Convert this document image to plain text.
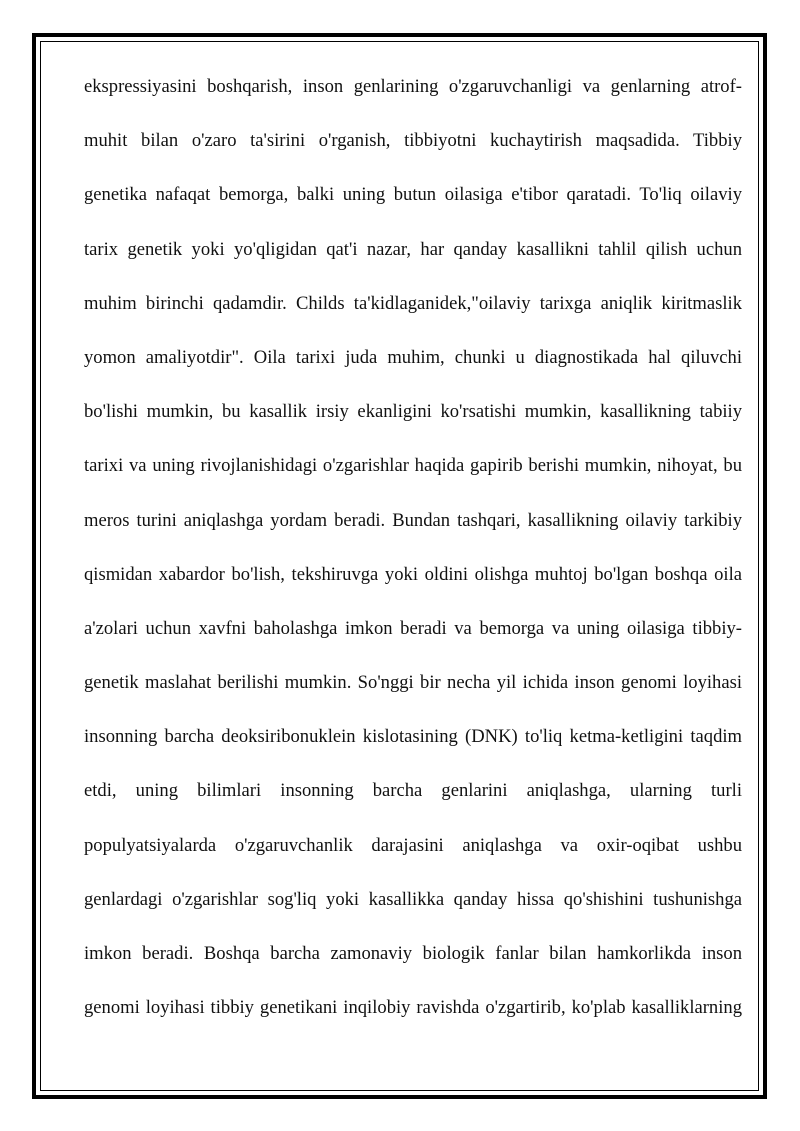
ekspressiyasini boshqarish, inson genlarining o'zgaruvchanligi va genlarning atrof-
muhit bilan o'zaro ta'sirini o'rganish, tibbiyotni kuchaytirish maqsadida. Tibbiy
genetika nafaqat bemorga, balki uning butun oilasiga e'tibor qaratadi. To'liq oilaviy
tarix genetik yoki yo'qligidan qat'i nazar, har qanday kasallikni tahlil qilish uchun
muhim birinchi qadamdir. Childs ta'kidlaganidek,"oilaviy tarixga aniqlik kiritmaslik
yomon amaliyotdir". Oila tarixi juda muhim, chunki u diagnostikada hal qiluvchi
bo'lishi mumkin, bu kasallik irsiy ekanligini ko'rsatishi mumkin, kasallikning tabiiy
tarixi va uning rivojlanishidagi o'zgarishlar haqida gapirib berishi mumkin, nihoyat, bu
meros turini aniqlashga yordam beradi. Bundan tashqari, kasallikning oilaviy tarkibiy
qismidan xabardor bo'lish, tekshiruvga yoki oldini olishga muhtoj bo'lgan boshqa oila
a'zolari uchun xavfni baholashga imkon beradi va bemorga va uning oilasiga tibbiy-
genetik maslahat berilishi mumkin. So'nggi bir necha yil ichida inson genomi loyihasi
insonning barcha deoksiribonuklein kislotasining (DNK) to'liq ketma-ketligini taqdim
etdi, uning bilimlari insonning barcha genlarini aniqlashga, ularning turli
populyatsiyalarda o'zgaruvchanlik darajasini aniqlashga va oxir-oqibat ushbu
genlardagi o'zgarishlar sog'liq yoki kasallikka qanday hissa qo'shishini tushunishga
imkon beradi. Boshqa barcha zamonaviy biologik fanlar bilan hamkorlikda inson
genomi loyihasi tibbiy genetikani inqilobiy ravishda o'zgartirib, ko'plab kasalliklarning
